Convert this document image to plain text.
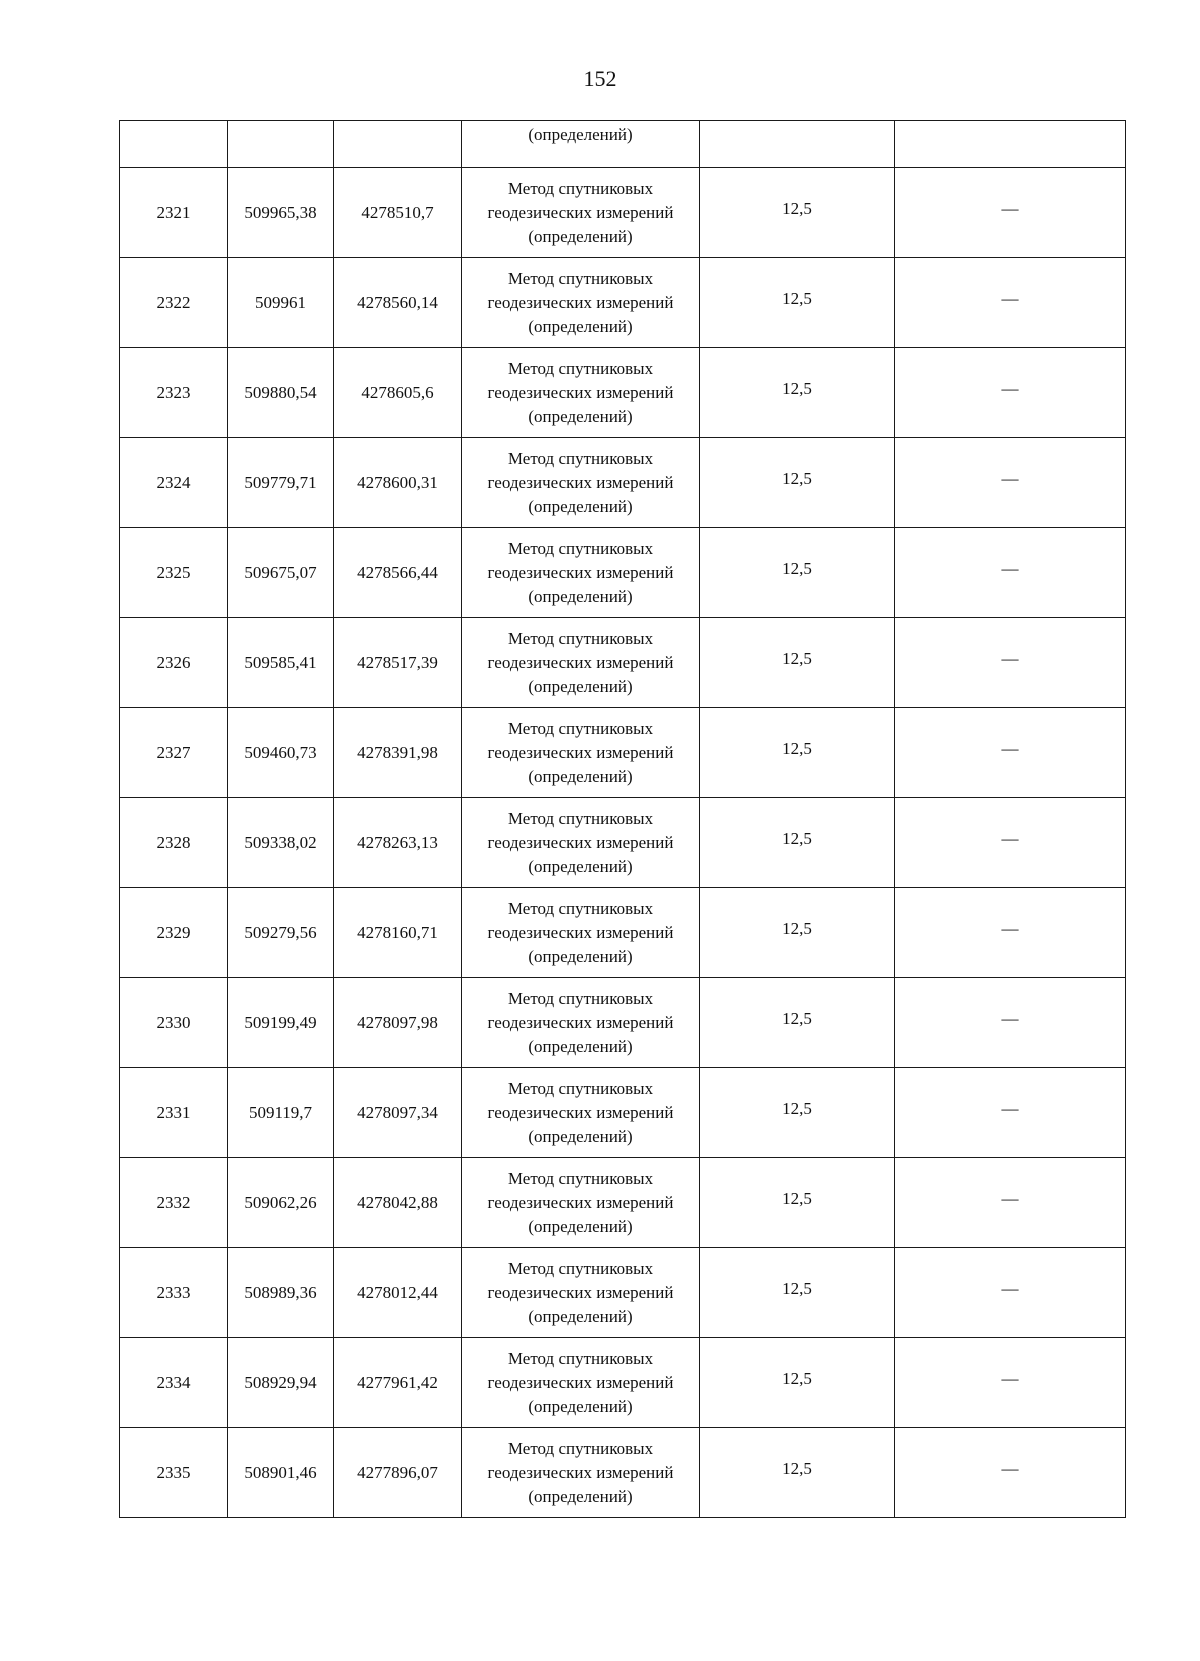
152
			(определений)		
2321	509965,38	4278510,7	Метод спутниковых
геодезических измерений
(определений)	12,5	—
2322	509961	4278560,14	Метод спутниковых
геодезических измерений
(определений)	12,5	—
2323	509880,54	4278605,6	Метод спутниковых
геодезических измерений
(определений)	12,5	—
2324	509779,71	4278600,31	Метод спутниковых
геодезических измерений
(определений)	12,5	—
2325	509675,07	4278566,44	Метод спутниковых
геодезических измерений
(определений)	12,5	—
2326	509585,41	4278517,39	Метод спутниковых
геодезических измерений
(определений)	12,5	—
2327	509460,73	4278391,98	Метод спутниковых
геодезических измерений
(определений)	12,5	—
2328	509338,02	4278263,13	Метод спутниковых
геодезических измерений
(определений)	12,5	—
2329	509279,56	4278160,71	Метод спутниковых
геодезических измерений
(определений)	12,5	—
2330	509199,49	4278097,98	Метод спутниковых
геодезических измерений
(определений)	12,5	—
2331	509119,7	4278097,34	Метод спутниковых
геодезических измерений
(определений)	12,5	—
2332	509062,26	4278042,88	Метод спутниковых
геодезических измерений
(определений)	12,5	—
2333	508989,36	4278012,44	Метод спутниковых
геодезических измерений
(определений)	12,5	—
2334	508929,94	4277961,42	Метод спутниковых
геодезических измерений
(определений)	12,5	—
2335	508901,46	4277896,07	Метод спутниковых
геодезических измерений
(определений)	12,5	—
